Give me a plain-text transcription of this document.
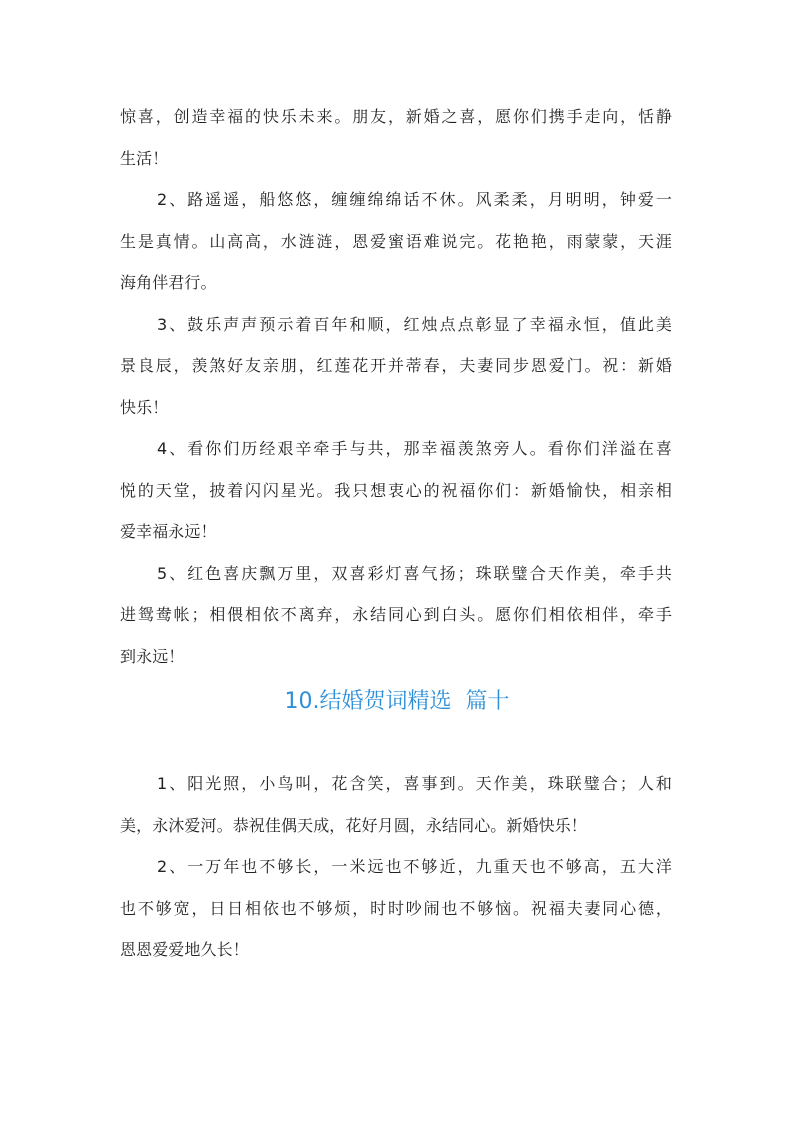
惊喜，创造幸福的快乐未来。朋友，新婚之喜，愿你们携手走向，恬静
生活！
2、路遥遥，船悠悠，缠缠绵绵话不休。风柔柔，月明明，钟爱一
生是真情。山高高，水涟涟，恩爱蜜语难说完。花艳艳，雨蒙蒙，天涯
海角伴君行。
3、鼓乐声声预示着百年和顺，红烛点点彰显了幸福永恒，值此美
景良辰，羡煞好友亲朋，红莲花开并蒂春，夫妻同步恩爱门。祝：新婚
快乐！
4、看你们历经艰辛牵手与共，那幸福羡煞旁人。看你们洋溢在喜
悦的天堂，披着闪闪星光。我只想衷心的祝福你们：新婚愉快，相亲相
爱幸福永远！
5、红色喜庆飘万里，双喜彩灯喜气扬；珠联璧合天作美，牵手共
进鸳鸯帐；相偎相依不离弃，永结同心到白头。愿你们相依相伴，牵手
到永远！
10.结婚贺词精选  篇十
1、阳光照，小鸟叫，花含笑，喜事到。天作美，珠联璧合；人和
美，永沐爱河。恭祝佳偶天成，花好月圆，永结同心。新婚快乐！
2、一万年也不够长，一米远也不够近，九重天也不够高，五大洋
也不够宽，日日相依也不够烦，时时吵闹也不够恼。祝福夫妻同心德，
恩恩爱爱地久长！
